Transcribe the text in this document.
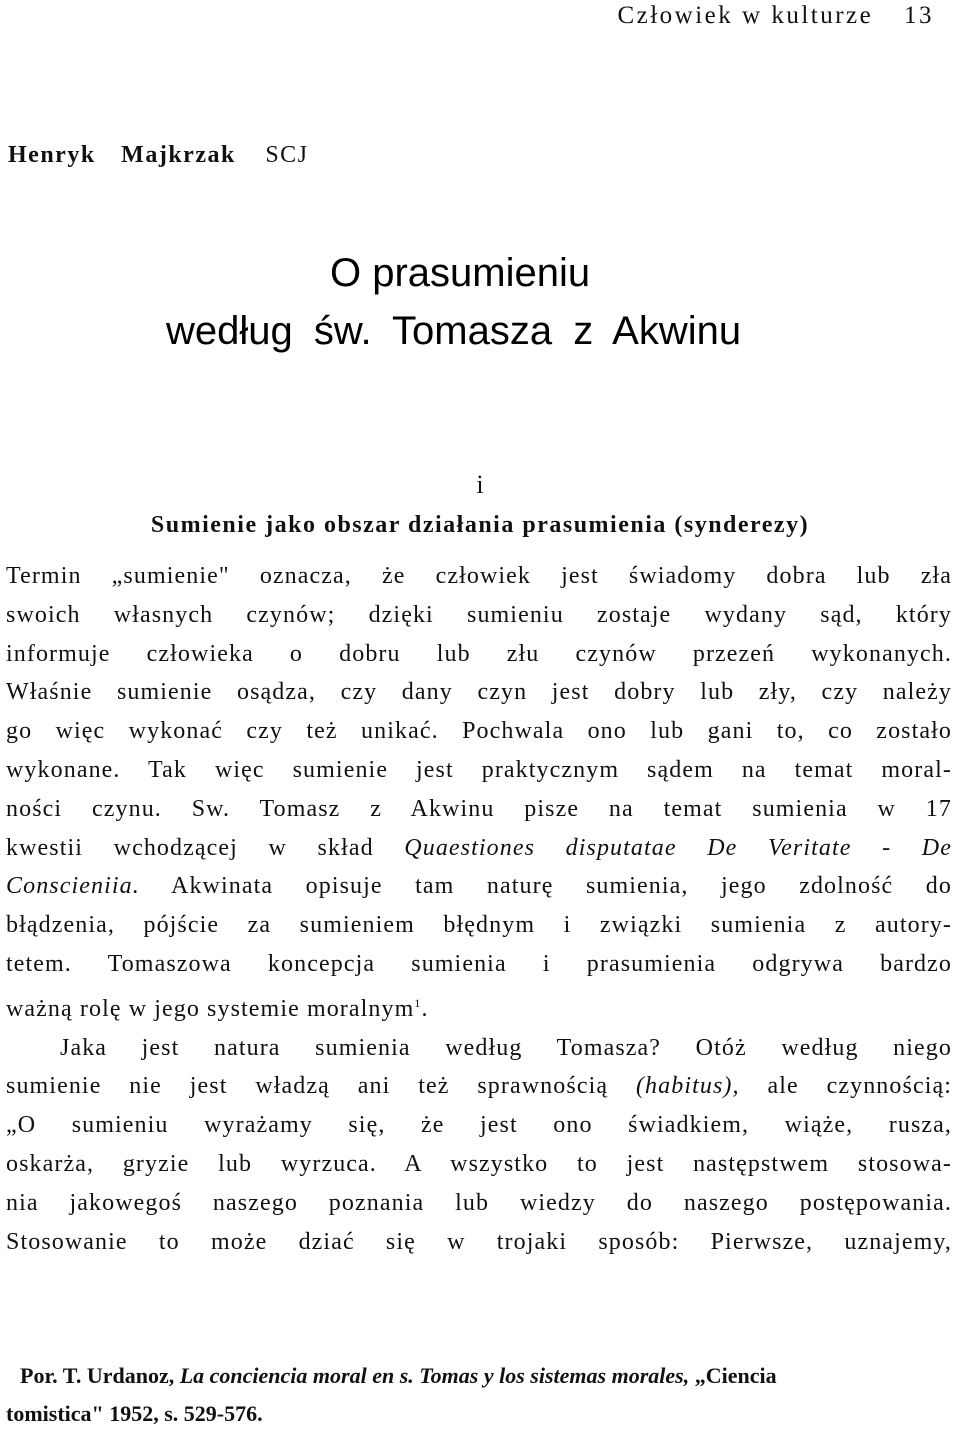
Człowiek w kulturze 13
Henryk Majkrzak SCJ
O prasumieniu
według św. Tomasza z Akwinu
i
Sumienie jako obszar działania prasumienia (synderezy)
Termin „sumienie" oznacza, że człowiek jest świadomy dobra lub zła
swoich własnych czynów; dzięki sumieniu zostaje wydany sąd, który
informuje człowieka o dobru lub złu czynów przezeń wykonanych.
Właśnie sumienie osądza, czy dany czyn jest dobry lub zły, czy należy
go więc wykonać czy też unikać. Pochwala ono lub gani to, co zostało
wykonane. Tak więc sumienie jest praktycznym sądem na temat moral-
ności czynu. Sw. Tomasz z Akwinu pisze na temat sumienia w 17
kwestii wchodzącej w skład Quaestiones disputatae De Veritate - De
Conscieniia. Akwinata opisuje tam naturę sumienia, jego zdolność do
błądzenia, pójście za sumieniem błędnym i związki sumienia z autory-
tetem. Tomaszowa koncepcja sumienia i prasumienia odgrywa bardzo
ważną rolę w jego systemie moralnym$^1$.
Jaka jest natura sumienia według Tomasza? Otóż według niego
sumienie nie jest władzą ani też sprawnością (habitus), ale czynnością:
„O sumieniu wyrażamy się, że jest ono świadkiem, wiąże, rusza,
oskarża, gryzie lub wyrzuca. A wszystko to jest następstwem stosowa-
nia jakowegoś naszego poznania lub wiedzy do naszego postępowania.
Stosowanie to może dziać się w trojaki sposób: Pierwsze, uznajemy,
Por. T. Urdanoz, La conciencia moral en s. Tomas y los sistemas morales, „Ciencia
tomistica" 1952, s. 529-576.
